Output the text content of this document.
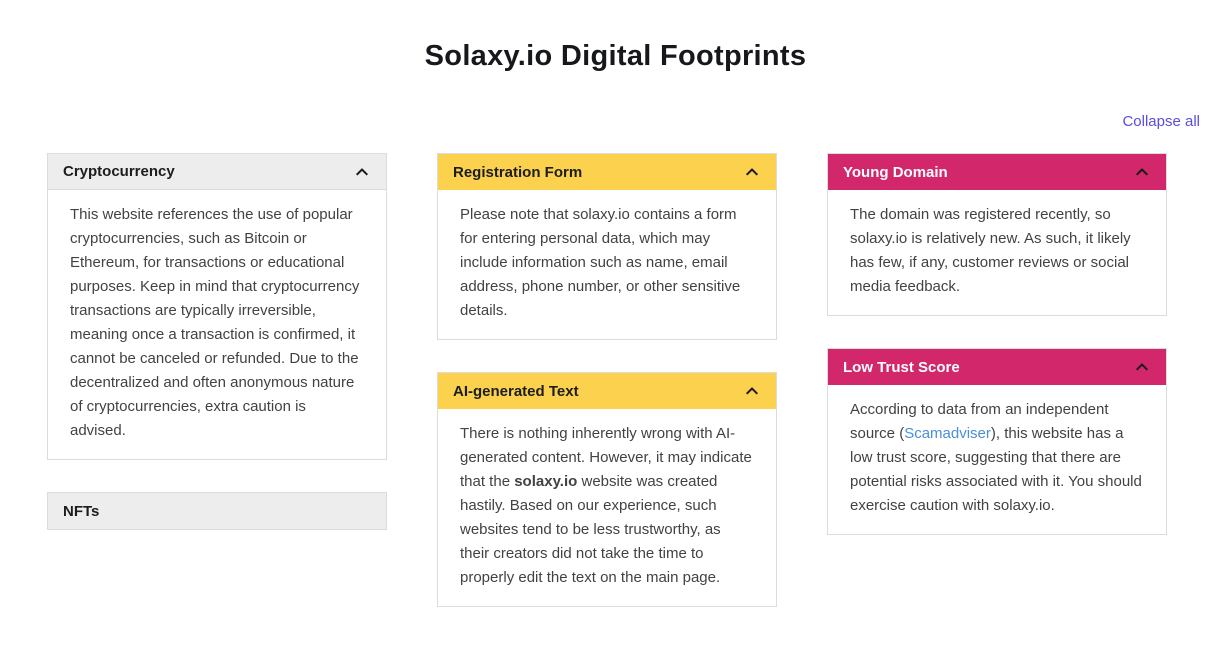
Solaxy.io Digital Footprints
Collapse all
Cryptocurrency
This website references the use of popular cryptocurrencies, such as Bitcoin or Ethereum, for transactions or educational purposes. Keep in mind that cryptocurrency transactions are typically irreversible, meaning once a transaction is confirmed, it cannot be canceled or refunded. Due to the decentralized and often anonymous nature of cryptocurrencies, extra caution is advised.
NFTs
Registration Form
Please note that solaxy.io contains a form for entering personal data, which may include information such as name, email address, phone number, or other sensitive details.
AI-generated Text
There is nothing inherently wrong with AI-generated content. However, it may indicate that the solaxy.io website was created hastily. Based on our experience, such websites tend to be less trustworthy, as their creators did not take the time to properly edit the text on the main page.
Young Domain
The domain was registered recently, so solaxy.io is relatively new. As such, it likely has few, if any, customer reviews or social media feedback.
Low Trust Score
According to data from an independent source (Scamadviser), this website has a low trust score, suggesting that there are potential risks associated with it. You should exercise caution with solaxy.io.
